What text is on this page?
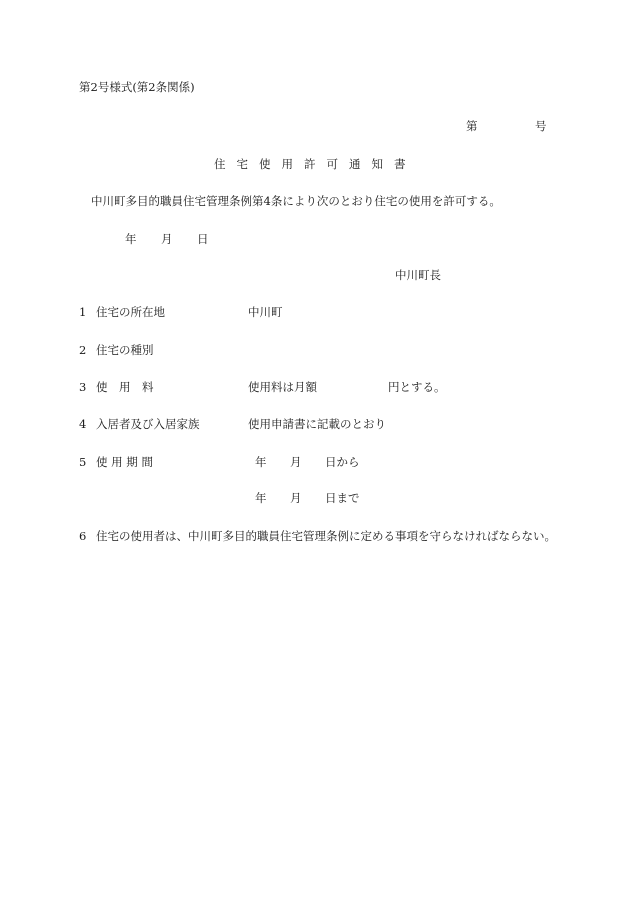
第2号様式(第2条関係)
第	号
住 宅 使 用 許 可 通 知 書
中川町多目的職員住宅管理条例第4条により次のとおり住宅の使用を許可する。
年 月 日
中川町長
1 住宅の所在地	中川町
2 住宅の種別
3 使　用　料	使用料は月額	円とする。
4 入居者及び入居家族	使用申請書に記載のとおり
5 使 用 期 間	年 月 日から
年 月 日まで
6 住宅の使用者は、中川町多目的職員住宅管理条例に定める事項を守らなければならない。
